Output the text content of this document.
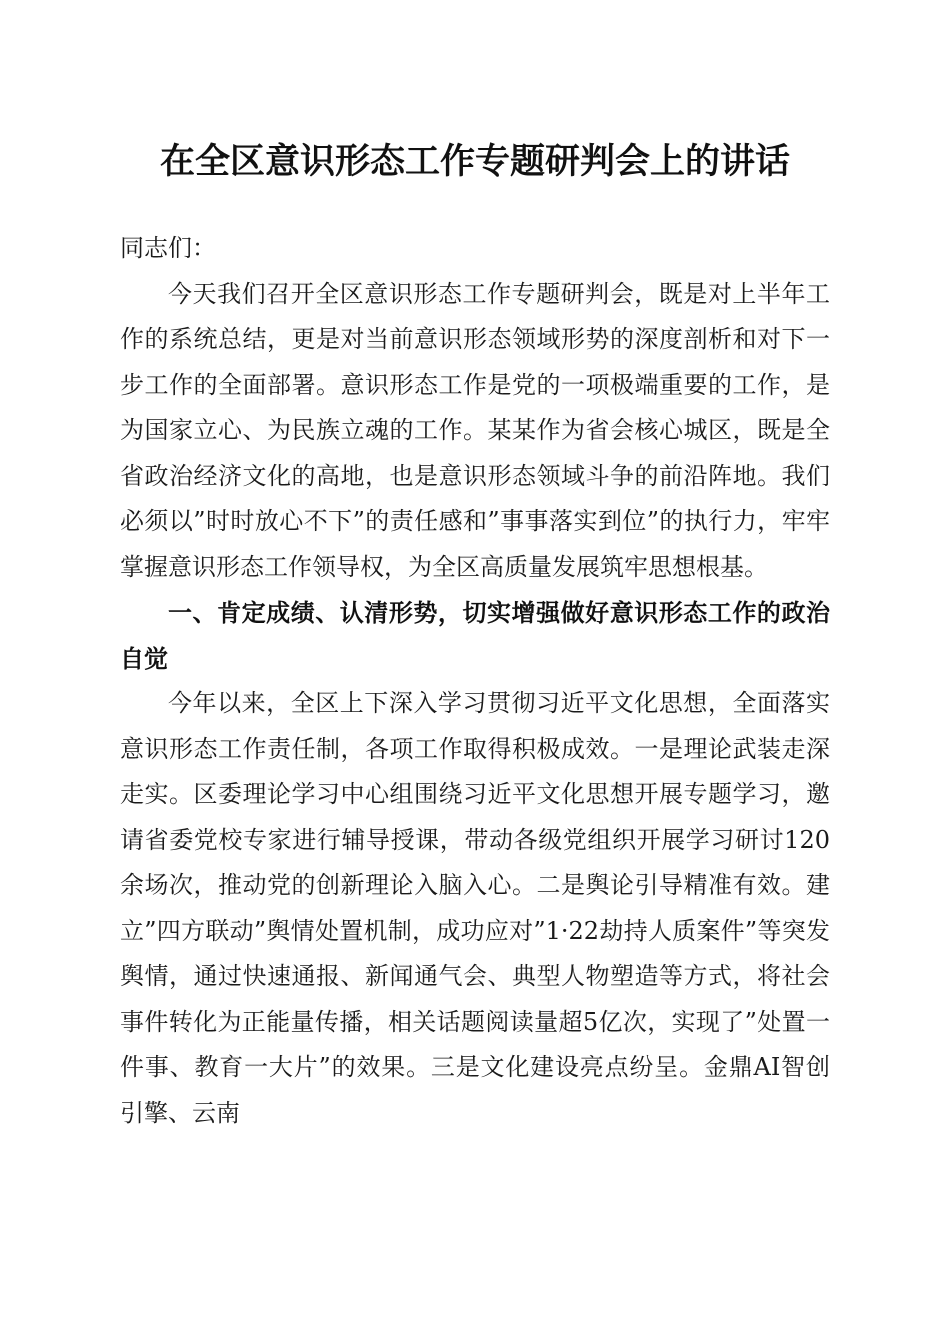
在全区意识形态工作专题研判会上的讲话

同志们：

今天我们召开全区意识形态工作专题研判会，既是对上半年工作的系统总结，更是对当前意识形态领域形势的深度剖析和对下一步工作的全面部署。意识形态工作是党的一项极端重要的工作，是为国家立心、为民族立魂的工作。某某作为省会核心城区，既是全省政治经济文化的高地，也是意识形态领域斗争的前沿阵地。我们必须以”时时放心不下”的责任感和”事事落实到位”的执行力，牢牢掌握意识形态工作领导权，为全区高质量发展筑牢思想根基。

一、肯定成绩、认清形势，切实增强做好意识形态工作的政治自觉

今年以来，全区上下深入学习贯彻习近平文化思想，全面落实意识形态工作责任制，各项工作取得积极成效。一是理论武装走深走实。区委理论学习中心组围绕习近平文化思想开展专题学习，邀请省委党校专家进行辅导授课，带动各级党组织开展学习研讨120余场次，推动党的创新理论入脑入心。二是舆论引导精准有效。建立”四方联动”舆情处置机制，成功应对”1·22劫持人质案件”等突发舆情，通过快速通报、新闻通气会、典型人物塑造等方式，将社会事件转化为正能量传播，相关话题阅读量超5亿次，实现了”处置一件事、教育一大片”的效果。三是文化建设亮点纷呈。金鼎AI智创引擎、云南
